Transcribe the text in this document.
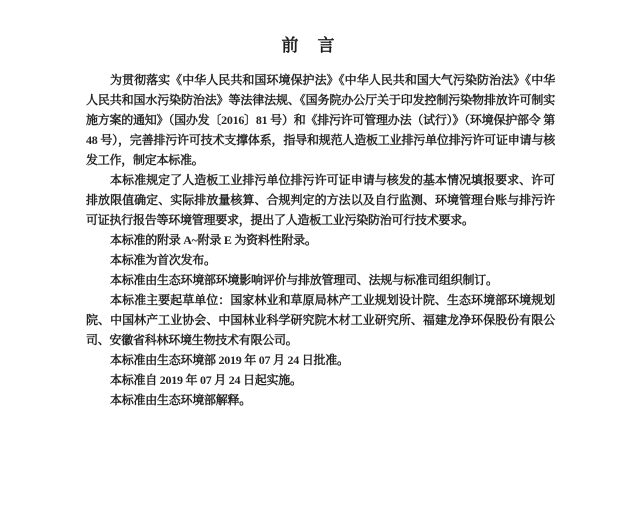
前　言

为贯彻落实《中华人民共和国环境保护法》《中华人民共和国大气污染防治法》《中华人民共和国水污染防治法》等法律法规、《国务院办公厅关于印发控制污染物排放许可制实施方案的通知》（国办发〔2016〕81 号）和《排污许可管理办法（试行）》（环境保护部令 第 48 号），完善排污许可技术支撑体系，指导和规范人造板工业排污单位排污许可证申请与核发工作，制定本标准。

本标准规定了人造板工业排污单位排污许可证申请与核发的基本情况填报要求、许可排放限值确定、实际排放量核算、合规判定的方法以及自行监测、环境管理台账与排污许可证执行报告等环境管理要求，提出了人造板工业污染防治可行技术要求。

本标准的附录 A~附录 E 为资料性附录。

本标准为首次发布。

本标准由生态环境部环境影响评价与排放管理司、法规与标准司组织制订。

本标准主要起草单位：国家林业和草原局林产工业规划设计院、生态环境部环境规划院、中国林产工业协会、中国林业科学研究院木材工业研究所、福建龙净环保股份有限公司、安徽省科林环境生物技术有限公司。

本标准由生态环境部 2019 年 07 月 24 日批准。

本标准自 2019 年 07 月 24 日起实施。

本标准由生态环境部解释。
